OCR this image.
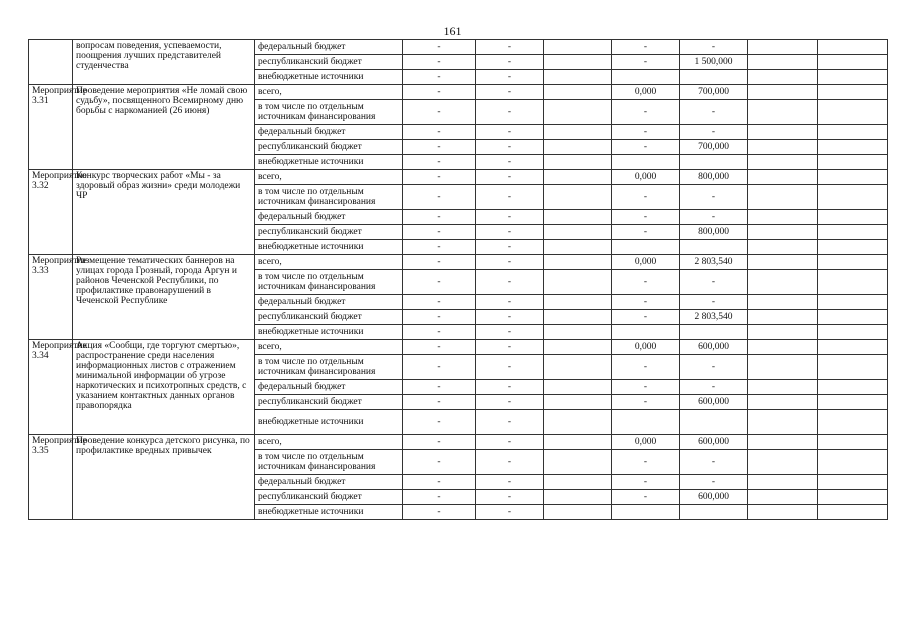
161
	вопросам поведения, успеваемости, поощрения лучших представителей студенчества	федеральный бюджет	-	-		-	-		
		республиканский бюджет	-	-		-	1 500,000		
		внебюджетные источники	-	-					
Мероприятие 3.31	Проведение мероприятия «Не ломай свою судьбу», посвященного Всемирному дню борьбы с наркоманией (26 июня)	всего,	-	-		0,000	700,000		
		в том числе по отдельным источникам финансирования	-	-		-	-		
		федеральный бюджет	-	-		-	-		
		республиканский бюджет	-	-		-	700,000		
		внебюджетные источники	-	-					
Мероприятие 3.32	Конкурс творческих работ «Мы - за здоровый образ жизни» среди молодежи ЧР	всего,	-	-		0,000	800,000		
		в том числе по отдельным источникам финансирования	-	-		-	-		
		федеральный бюджет	-	-		-	-		
		республиканский бюджет	-	-		-	800,000		
		внебюджетные источники	-	-					
Мероприятие 3.33	Размещение тематических баннеров на улицах города Грозный, города Аргун и районов Чеченской Республики, по профилактике правонарушений в Чеченской Республике	всего,	-	-		0,000	2 803,540		
		в том числе по отдельным источникам финансирования	-	-		-	-		
		федеральный бюджет	-	-		-	-		
		республиканский бюджет	-	-		-	2 803,540		
		внебюджетные источники	-	-					
Мероприятие 3.34	Акция «Сообщи, где торгуют смертью», распространение среди населения информационных листов с отражением минимальной информации об угрозе наркотических и психотропных средств, с указанием контактных данных органов правопорядка	всего,	-	-		0,000	600,000		
		в том числе по отдельным источникам финансирования	-	-		-	-		
		федеральный бюджет	-	-		-	-		
		республиканский бюджет	-	-		-	600,000		
		внебюджетные источники	-	-					
Мероприятие 3.35	Проведение конкурса детского рисунка, по профилактике вредных привычек	всего,	-	-		0,000	600,000		
		в том числе по отдельным источникам финансирования	-	-		-	-		
		федеральный бюджет	-	-		-	-		
		республиканский бюджет	-	-		-	600,000		
		внебюджетные источники	-	-					
